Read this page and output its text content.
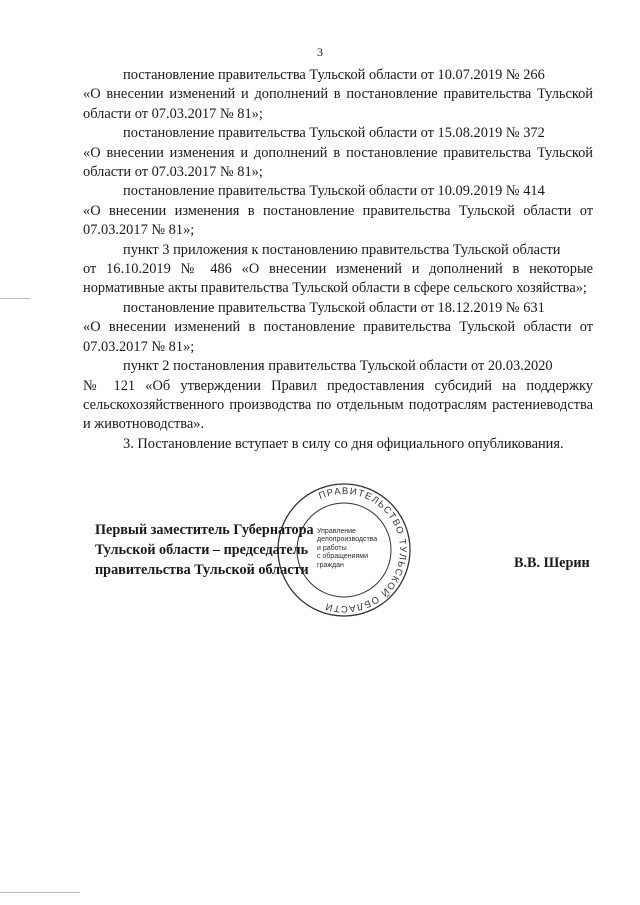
3

постановление правительства Тульской области от 10.07.2019 № 266
«О внесении изменений и дополнений в постановление правительства Тульской области от 07.03.2017 № 81»;

постановление правительства Тульской области от 15.08.2019 № 372
«О внесении изменения и дополнений в постановление правительства Тульской области от 07.03.2017 № 81»;

постановление правительства Тульской области от 10.09.2019 № 414
«О внесении изменения в постановление правительства Тульской области от 07.03.2017 № 81»;

пункт 3 приложения к постановлению правительства Тульской области
от 16.10.2019 № 486 «О внесении изменений и дополнений в некоторые нормативные акты правительства Тульской области в сфере сельского хозяйства»;

постановление правительства Тульской области от 18.12.2019 № 631
«О внесении изменений в постановление правительства Тульской области от 07.03.2017 № 81»;

пункт 2 постановления правительства Тульской области от 20.03.2020
№ 121 «Об утверждении Правил предоставления субсидий на поддержку сельскохозяйственного производства по отдельным подотраслям растениеводства и животноводства».

3. Постановление вступает в силу со дня официального опубликования.

ПРАВИТЕЛЬСТВО ТУЛЬСКОЙ ОБЛАСТИ
Управление
делопроизводства
и работы
с обращениями
граждан
Первый заместитель Губернатора
Тульской области – председатель
правительства Тульской области	В.В. Шерин
